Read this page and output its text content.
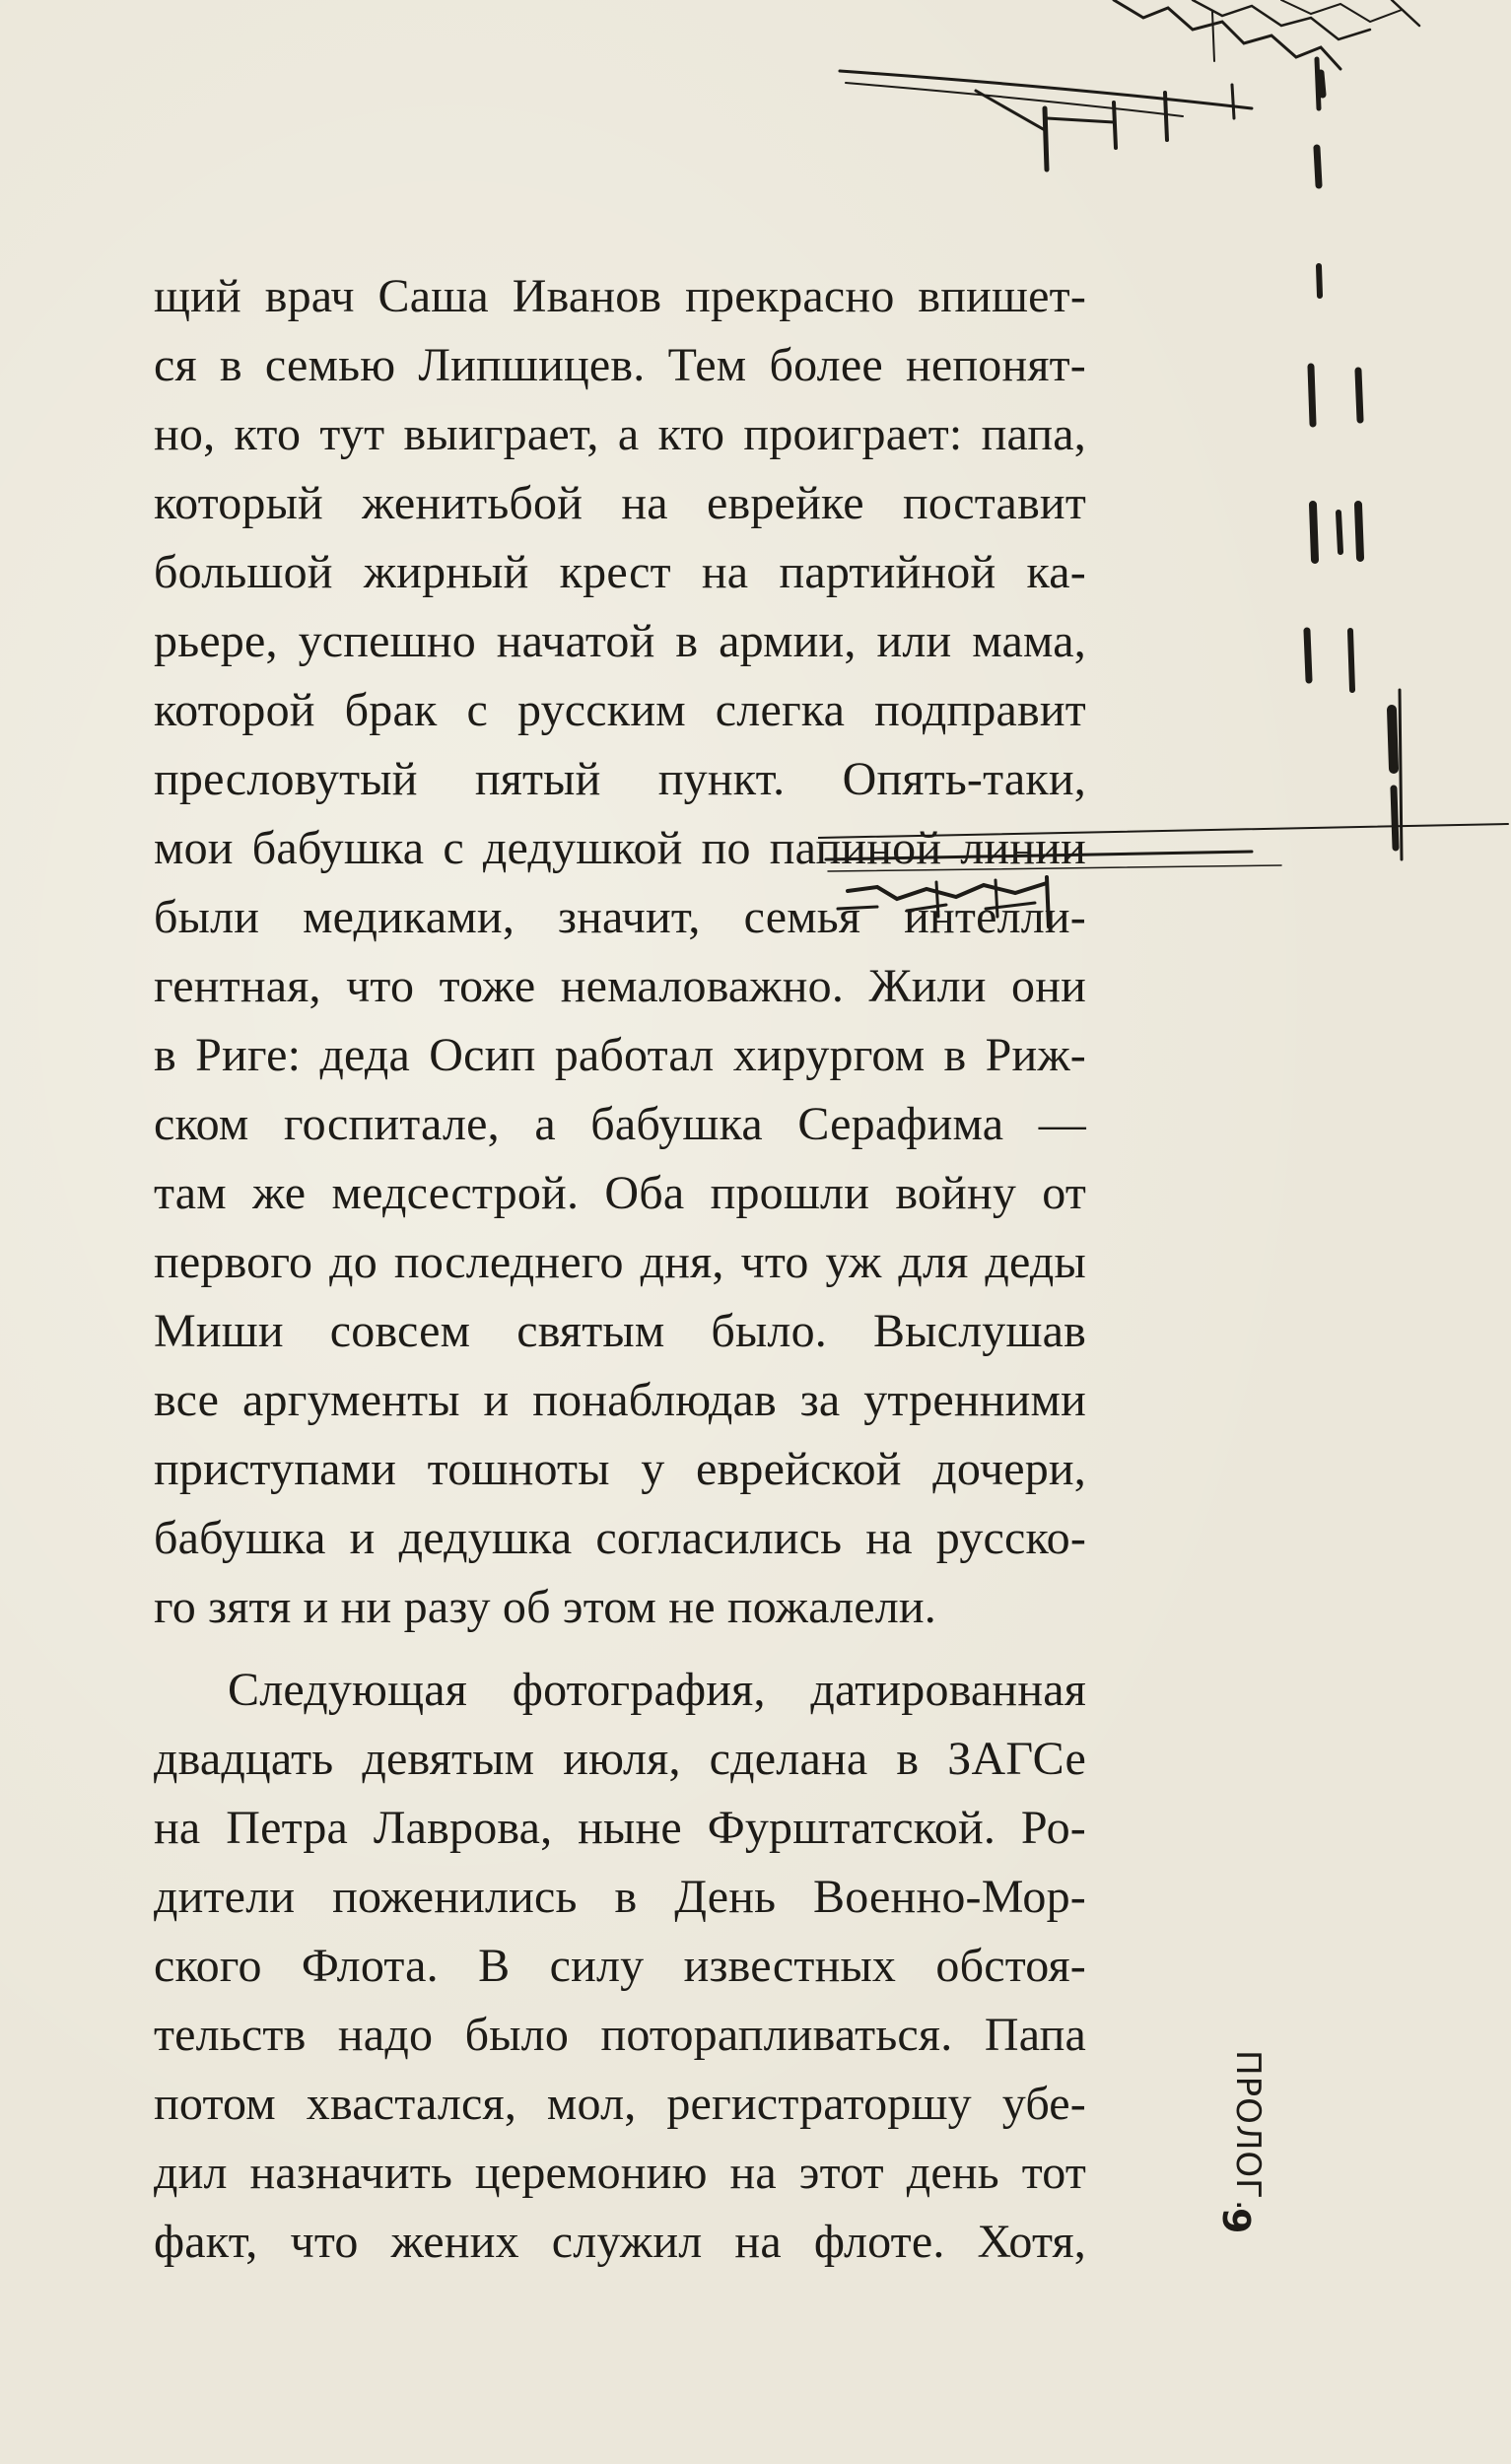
щий врач Саша Иванов прекрасно впишет-
ся в семью Липшицев. Тем более непонят-
но, кто тут выиграет, а кто проиграет: папа,
который женитьбой на еврейке поставит
большой жирный крест на партийной ка-
рьере, успешно начатой в армии, или мама,
которой брак с русским слегка подправит
пресловутый пятый пункт. Опять-таки,
мои бабушка с дедушкой по папиной линии
были медиками, значит, семья интелли-
гентная, что тоже немаловажно. Жили они
в Риге: деда Осип работал хирургом в Риж-
ском госпитале, а бабушка Серафима —
там же медсестрой. Оба прошли войну от
первого до последнего дня, что уж для деды
Миши совсем святым было. Выслушав
все аргументы и понаблюдав за утренними
приступами тошноты у еврейской дочери,
бабушка и дедушка согласились на русско-
го зятя и ни разу об этом не пожалели.
Следующая фотография, датированная
двадцать девятым июля, сделана в ЗАГСе
на Петра Лаврова, ныне Фурштатской. Ро-
дители поженились в День Военно-Мор-
ского Флота. В силу известных обстоя-
тельств надо было поторапливаться. Папа
потом хвастался, мол, регистраторшу убе-
дил назначить церемонию на этот день тот
факт, что жених служил на флоте. Хотя,
ПРОЛОГ.
9
